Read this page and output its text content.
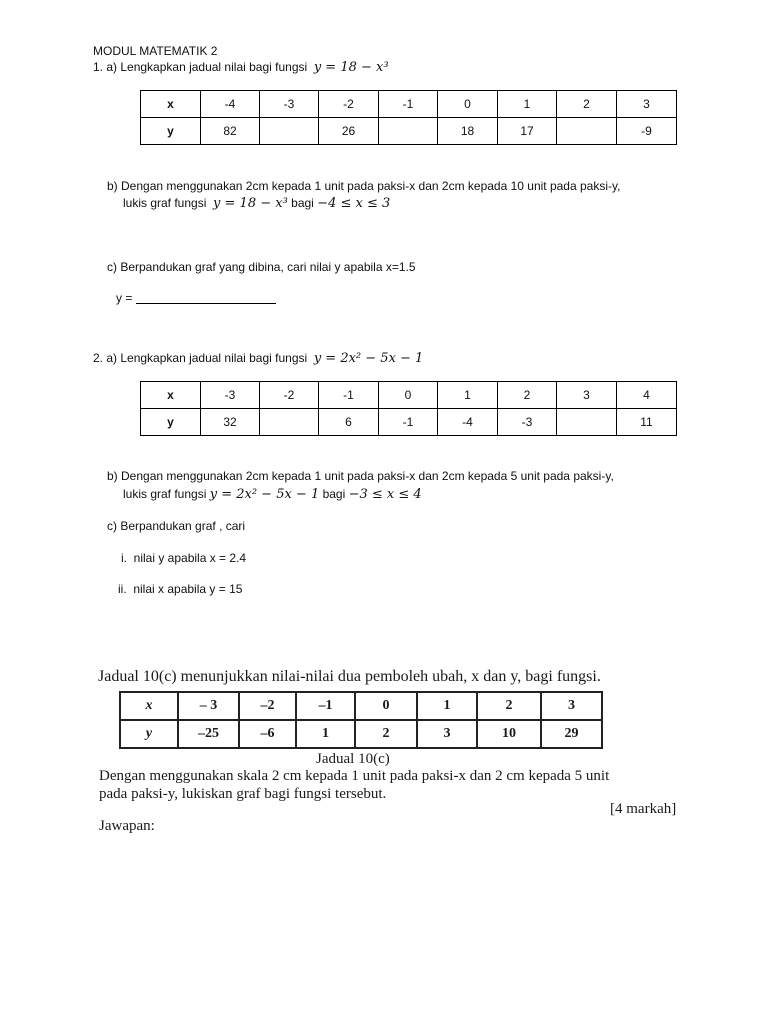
MODUL MATEMATIK 2
1. a) Lengkapkan jadual nilai bagi fungsi y = 18 − x³
x	-4	-3	-2	-1	0	1	2	3
y	82		26		18	17		-9
b) Dengan menggunakan 2cm kepada 1 unit pada paksi-x dan 2cm kepada 10 unit pada paksi-y,
lukis graf fungsi y = 18 − x³ bagi −4 ≤ x ≤ 3
c) Berpandukan graf yang dibina, cari nilai y apabila x=1.5
y =
2. a) Lengkapkan jadual nilai bagi fungsi y = 2x² − 5x − 1
x	-3	-2	-1	0	1	2	3	4
y	32		6	-1	-4	-3		11
b) Dengan menggunakan 2cm kepada 1 unit pada paksi-x dan 2cm kepada 5 unit pada paksi-y,
lukis graf fungsi y = 2x² − 5x − 1 bagi −3 ≤ x ≤ 4
c) Berpandukan graf , cari
i. nilai y apabila x = 2.4
ii. nilai x apabila y = 15
Jadual 10(c) menunjukkan nilai-nilai dua pemboleh ubah, x dan y, bagi fungsi.
x	– 3	–2	–1	0	1	2	3
y	–25	–6	1	2	3	10	29
Jadual 10(c)
Dengan menggunakan skala 2 cm kepada 1 unit pada paksi-x dan 2 cm kepada 5 unit
pada paksi-y, lukiskan graf bagi fungsi tersebut.
[4 markah]
Jawapan:
